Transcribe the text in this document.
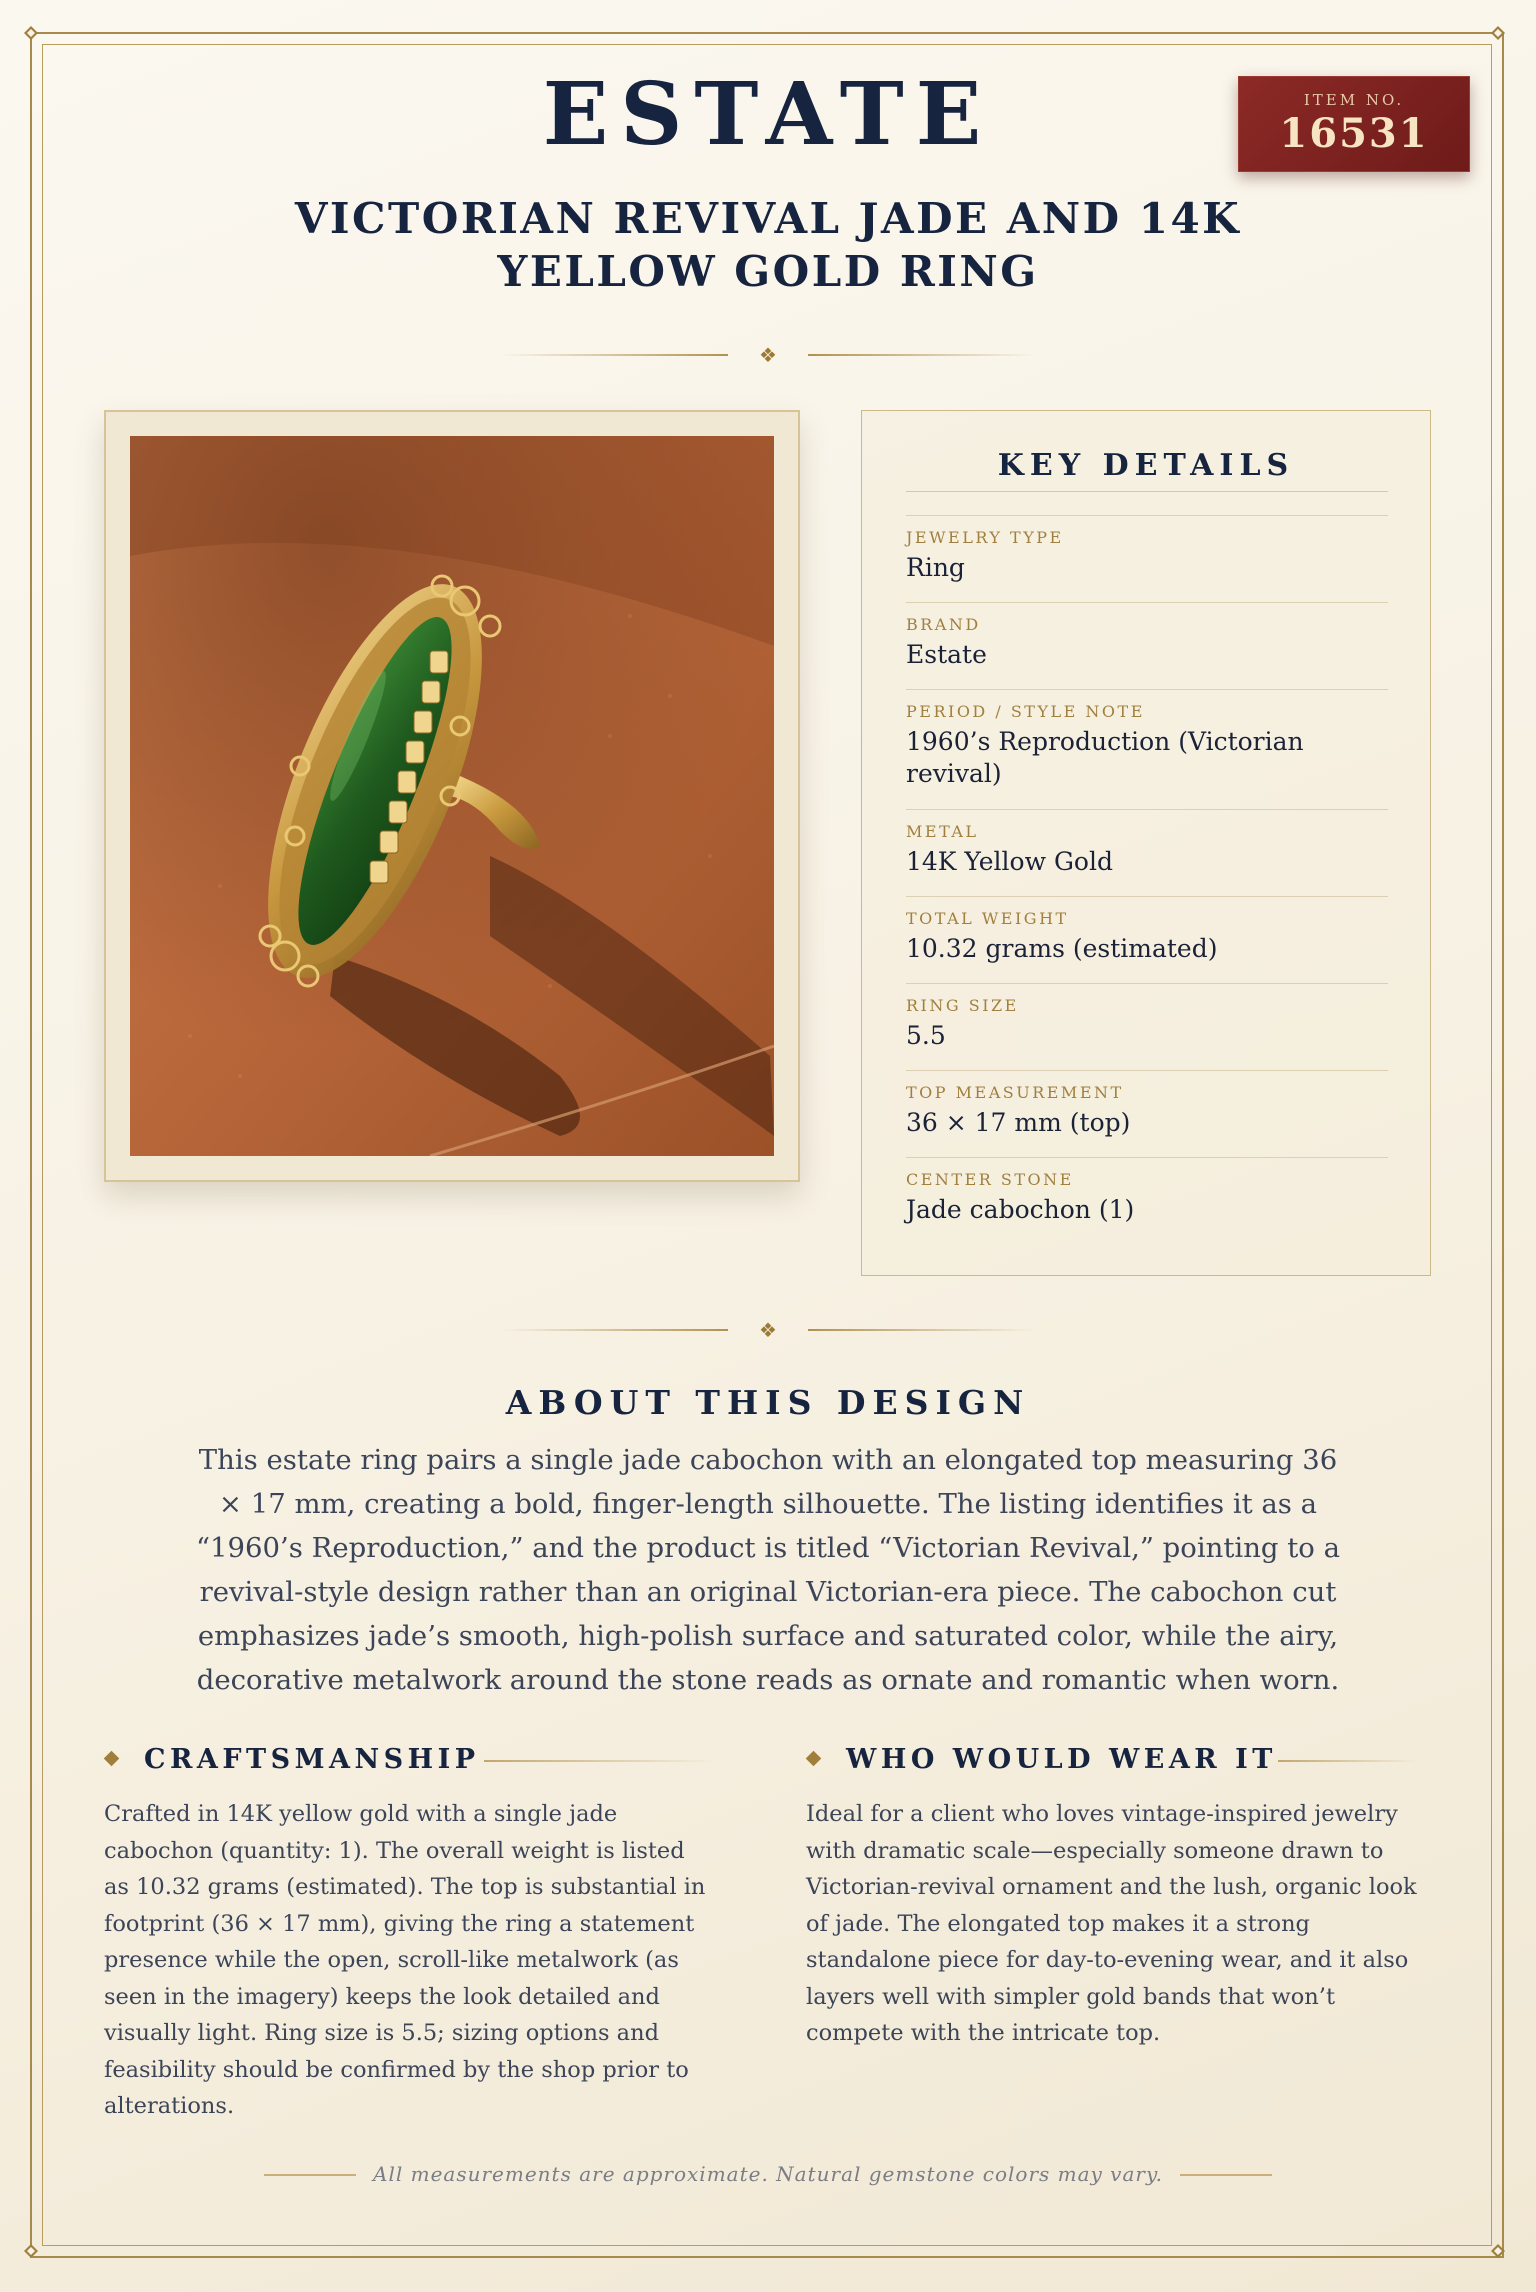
ESTATE
VICTORIAN REVIVAL JADE AND 14K YELLOW GOLD RING
ITEM NO.
16531
❖
KEY DETAILS
JEWELRY TYPE
Ring
BRAND
Estate
PERIOD / STYLE NOTE
1960’s Reproduction (Victorian revival)
METAL
14K Yellow Gold
TOTAL WEIGHT
10.32 grams (estimated)
RING SIZE
5.5
TOP MEASUREMENT
36 × 17 mm (top)
CENTER STONE
Jade cabochon (1)
❖
ABOUT THIS DESIGN
This estate ring pairs a single jade cabochon with an elongated top measuring 36 × 17 mm, creating a bold, finger-length silhouette. The listing identifies it as a “1960’s Reproduction,” and the product is titled “Victorian Revival,” pointing to a revival-style design rather than an original Victorian-era piece. The cabochon cut emphasizes jade’s smooth, high-polish surface and saturated color, while the airy, decorative metalwork around the stone reads as ornate and romantic when worn.
CRAFTSMANSHIP
Crafted in 14K yellow gold with a single jade cabochon (quantity: 1). The overall weight is listed as 10.32 grams (estimated). The top is substantial in footprint (36 × 17 mm), giving the ring a statement presence while the open, scroll-like metalwork (as seen in the imagery) keeps the look detailed and visually light. Ring size is 5.5; sizing options and feasibility should be confirmed by the shop prior to alterations.
WHO WOULD WEAR IT
Ideal for a client who loves vintage-inspired jewelry with dramatic scale—especially someone drawn to Victorian-revival ornament and the lush, organic look of jade. The elongated top makes it a strong standalone piece for day-to-evening wear, and it also layers well with simpler gold bands that won’t compete with the intricate top.
All measurements are approximate. Natural gemstone colors may vary.
